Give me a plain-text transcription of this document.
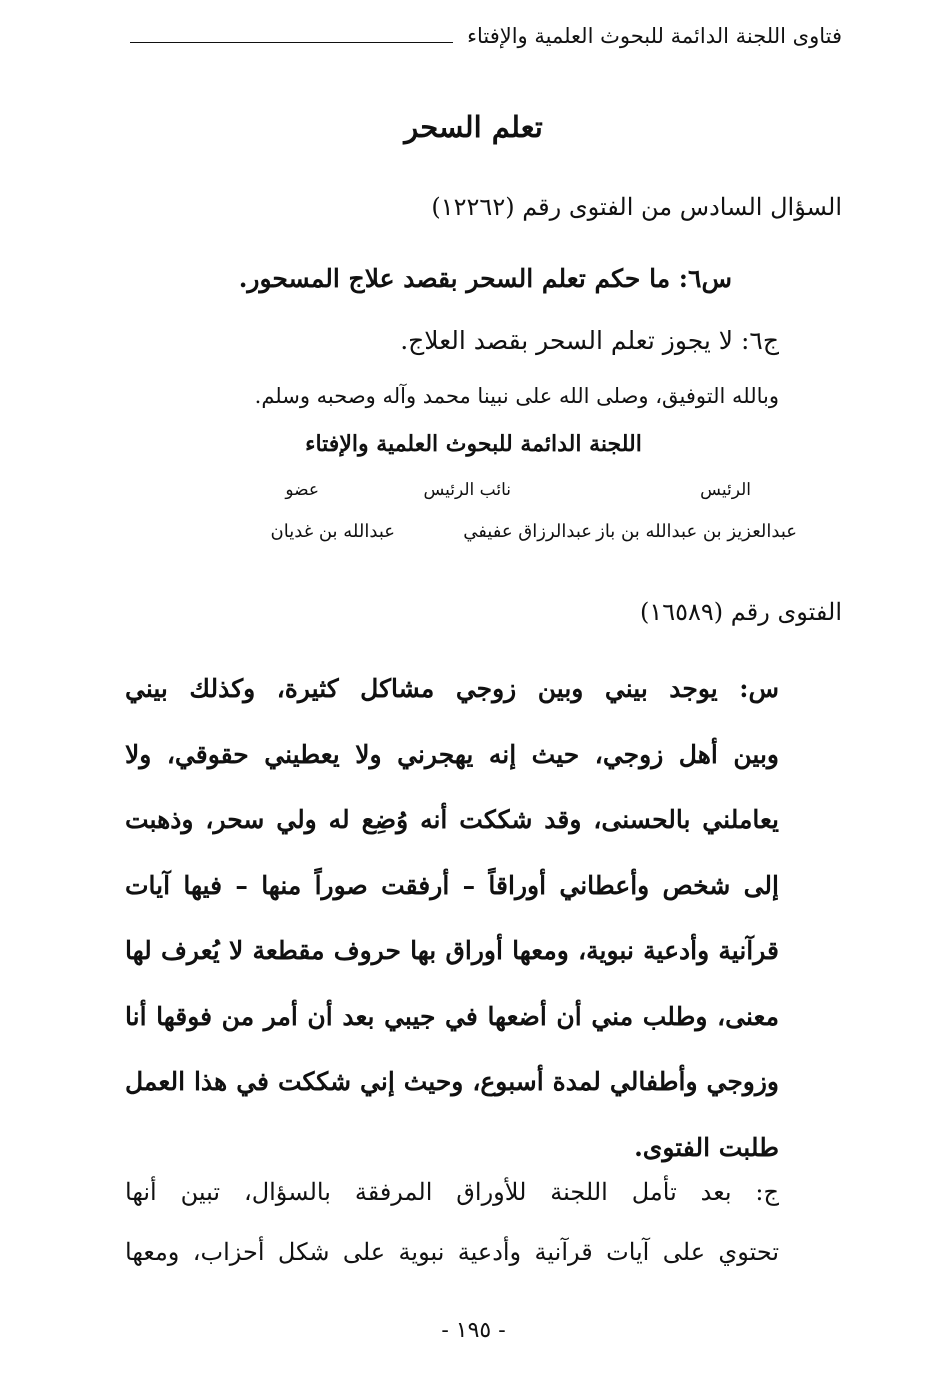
فتاوى اللجنة الدائمة للبحوث العلمية والإفتاء
تعلم السحر
السؤال السادس من الفتوى رقم (١٢٢٦٢)
س٦: ما حكم تعلم السحر بقصد علاج المسحور.
ج٦: لا يجوز تعلم السحر بقصد العلاج.
وبالله التوفيق، وصلى الله على نبينا محمد وآله وصحبه وسلم.
اللجنة الدائمة للبحوث العلمية والإفتاء
الرئيس
نائب الرئيس
عضو
عبدالعزيز بن عبدالله بن باز
عبدالرزاق عفيفي
عبدالله بن غديان
الفتوى رقم (١٦٥٨٩)

س: يوجد بيني وبين زوجي مشاكل كثيرة، وكذلك بيني

وبين أهل زوجي، حيث إنه يهجرني ولا يعطيني حقوقي، ولا

يعاملني بالحسنى، وقد شككت أنه وُضِع له ولي سحر، وذهبت

إلى شخص وأعطاني أوراقاً – أرفقت صوراً منها – فيها آيات

قرآنية وأدعية نبوية، ومعها أوراق بها حروف مقطعة لا يُعرف لها

معنى، وطلب مني أن أضعها في جيبي بعد أن أمر من فوقها أنا

وزوجي وأطفالي لمدة أسبوع، وحيث إني شككت في هذا العمل

طلبت الفتوى.

ج: بعد تأمل اللجنة للأوراق المرفقة بالسؤال، تبين أنها

تحتوي على آيات قرآنية وأدعية نبوية على شكل أحزاب، ومعها

- ١٩٥ -
